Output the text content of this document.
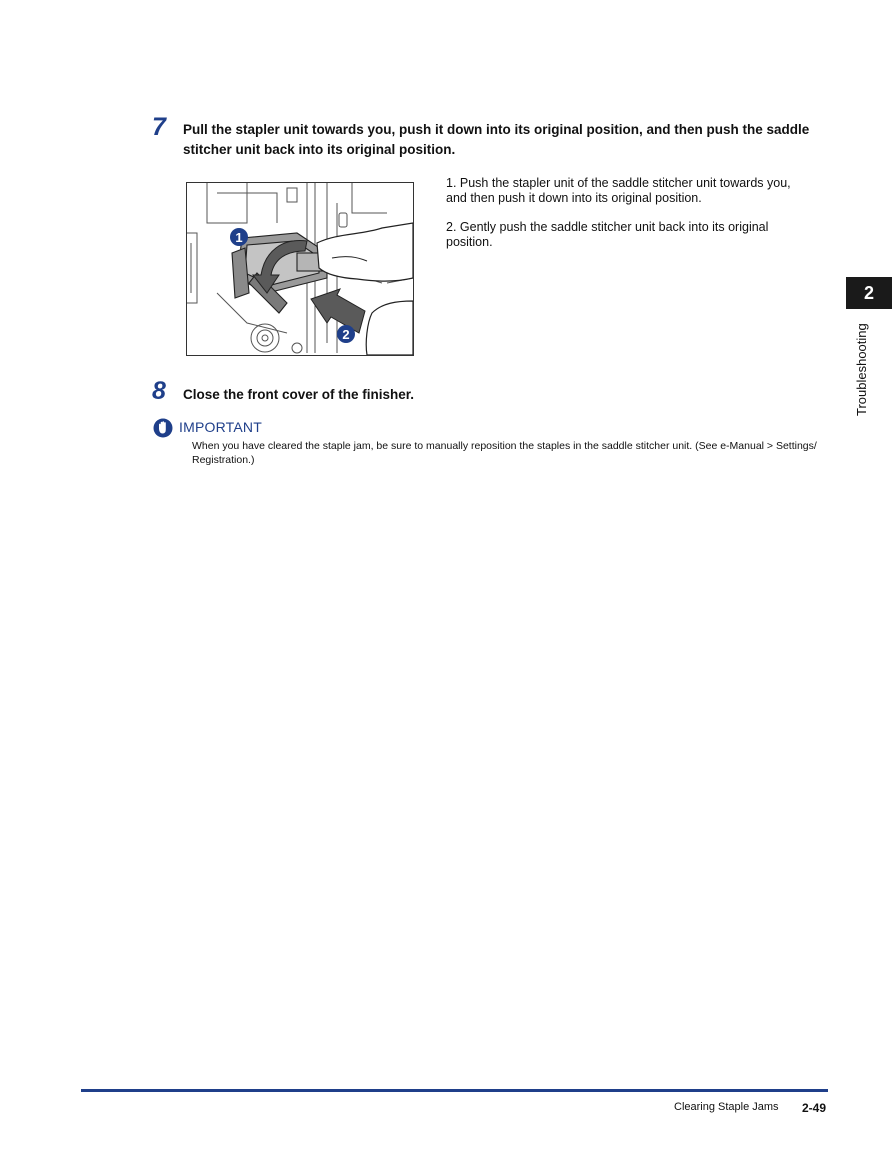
7 Pull the stapler unit towards you, push it down into its original position, and then push the saddle
stitcher unit back into its original position.
1
2
1. Push the stapler unit of the saddle stitcher unit towards you,
and then push it down into its original position.
2. Gently push the saddle stitcher unit back into its original
position.
8 Close the front cover of the finisher.
IMPORTANT
When you have cleared the staple jam, be sure to manually reposition the staples in the saddle stitcher unit. (See e-Manual > Settings/
Registration.)
2
Troubleshooting
Clearing Staple Jams 2-49
